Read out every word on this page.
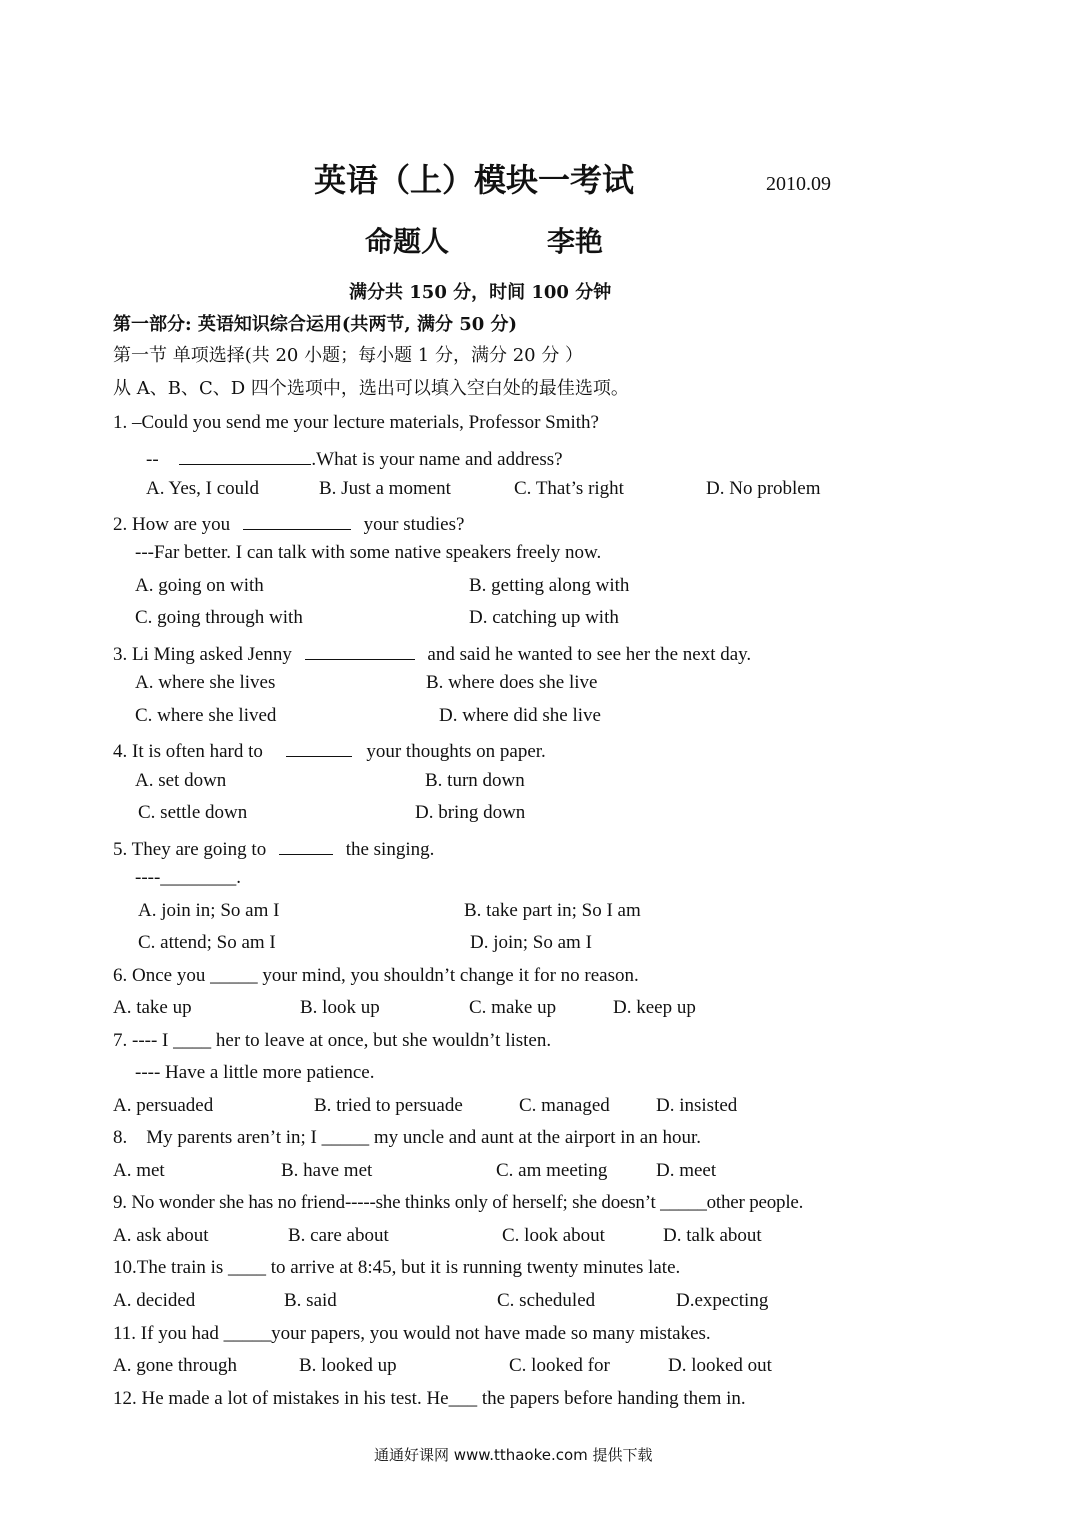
英语（上）模块一考试	2010.09
命题人	李艳
满分共 150 分，时间 100 分钟
第一部分: 英语知识综合运用(共两节, 满分 50 分)
第一节 单项选择(共 20 小题；每小题 1 分，满分 20 分 ）
从 A、B、C、D 四个选项中，选出可以填入空白处的最佳选项。
1. –Could you send me your lecture materials, Professor Smith?
--	.What is your name and address?
A. Yes, I could	B. Just a moment	C. That’s right	D. No problem
2. How are you	your studies?
---Far better. I can talk with some native speakers freely now.
A. going on with	B. getting along with
C. going through with	D. catching up with
3. Li Ming asked Jenny	and said he wanted to see her the next day.
A. where she lives	B. where does she live
C. where she lived	D. where did she live
4. It is often hard to	your thoughts on paper.
A. set down	B. turn down
C. settle down	D. bring down
5. They are going to	the singing.
----________.
A. join in; So am I	B. take part in; So I am
C. attend; So am I	D. join; So am I
6. Once you _____ your mind, you shouldn’t change it for no reason.
A. take up	B. look up	C. make up	D. keep up
7. ---- I ____ her to leave at once, but she wouldn’t listen.
---- Have a little more patience.
A. persuaded	B. tried to persuade	C. managed D. insisted
8.    My parents aren’t in; I _____ my uncle and aunt at the airport in an hour.
A. met	B. have met	C. am meeting	D. meet
9. No wonder she has no friend-----she thinks only of herself; she doesn’t _____other people.
A. ask about	B. care about	C. look about	D. talk about
10.The train is ____ to arrive at 8:45, but it is running twenty minutes late.
A. decided	B. said	C. scheduled	D.expecting
11. If you had _____your papers, you would not have made so many mistakes.
A. gone through	B. looked up	C. looked for	D. looked out
12. He made a lot of mistakes in his test. He___ the papers before handing them in.
通通好课网 www.tthaoke.com 提供下载
